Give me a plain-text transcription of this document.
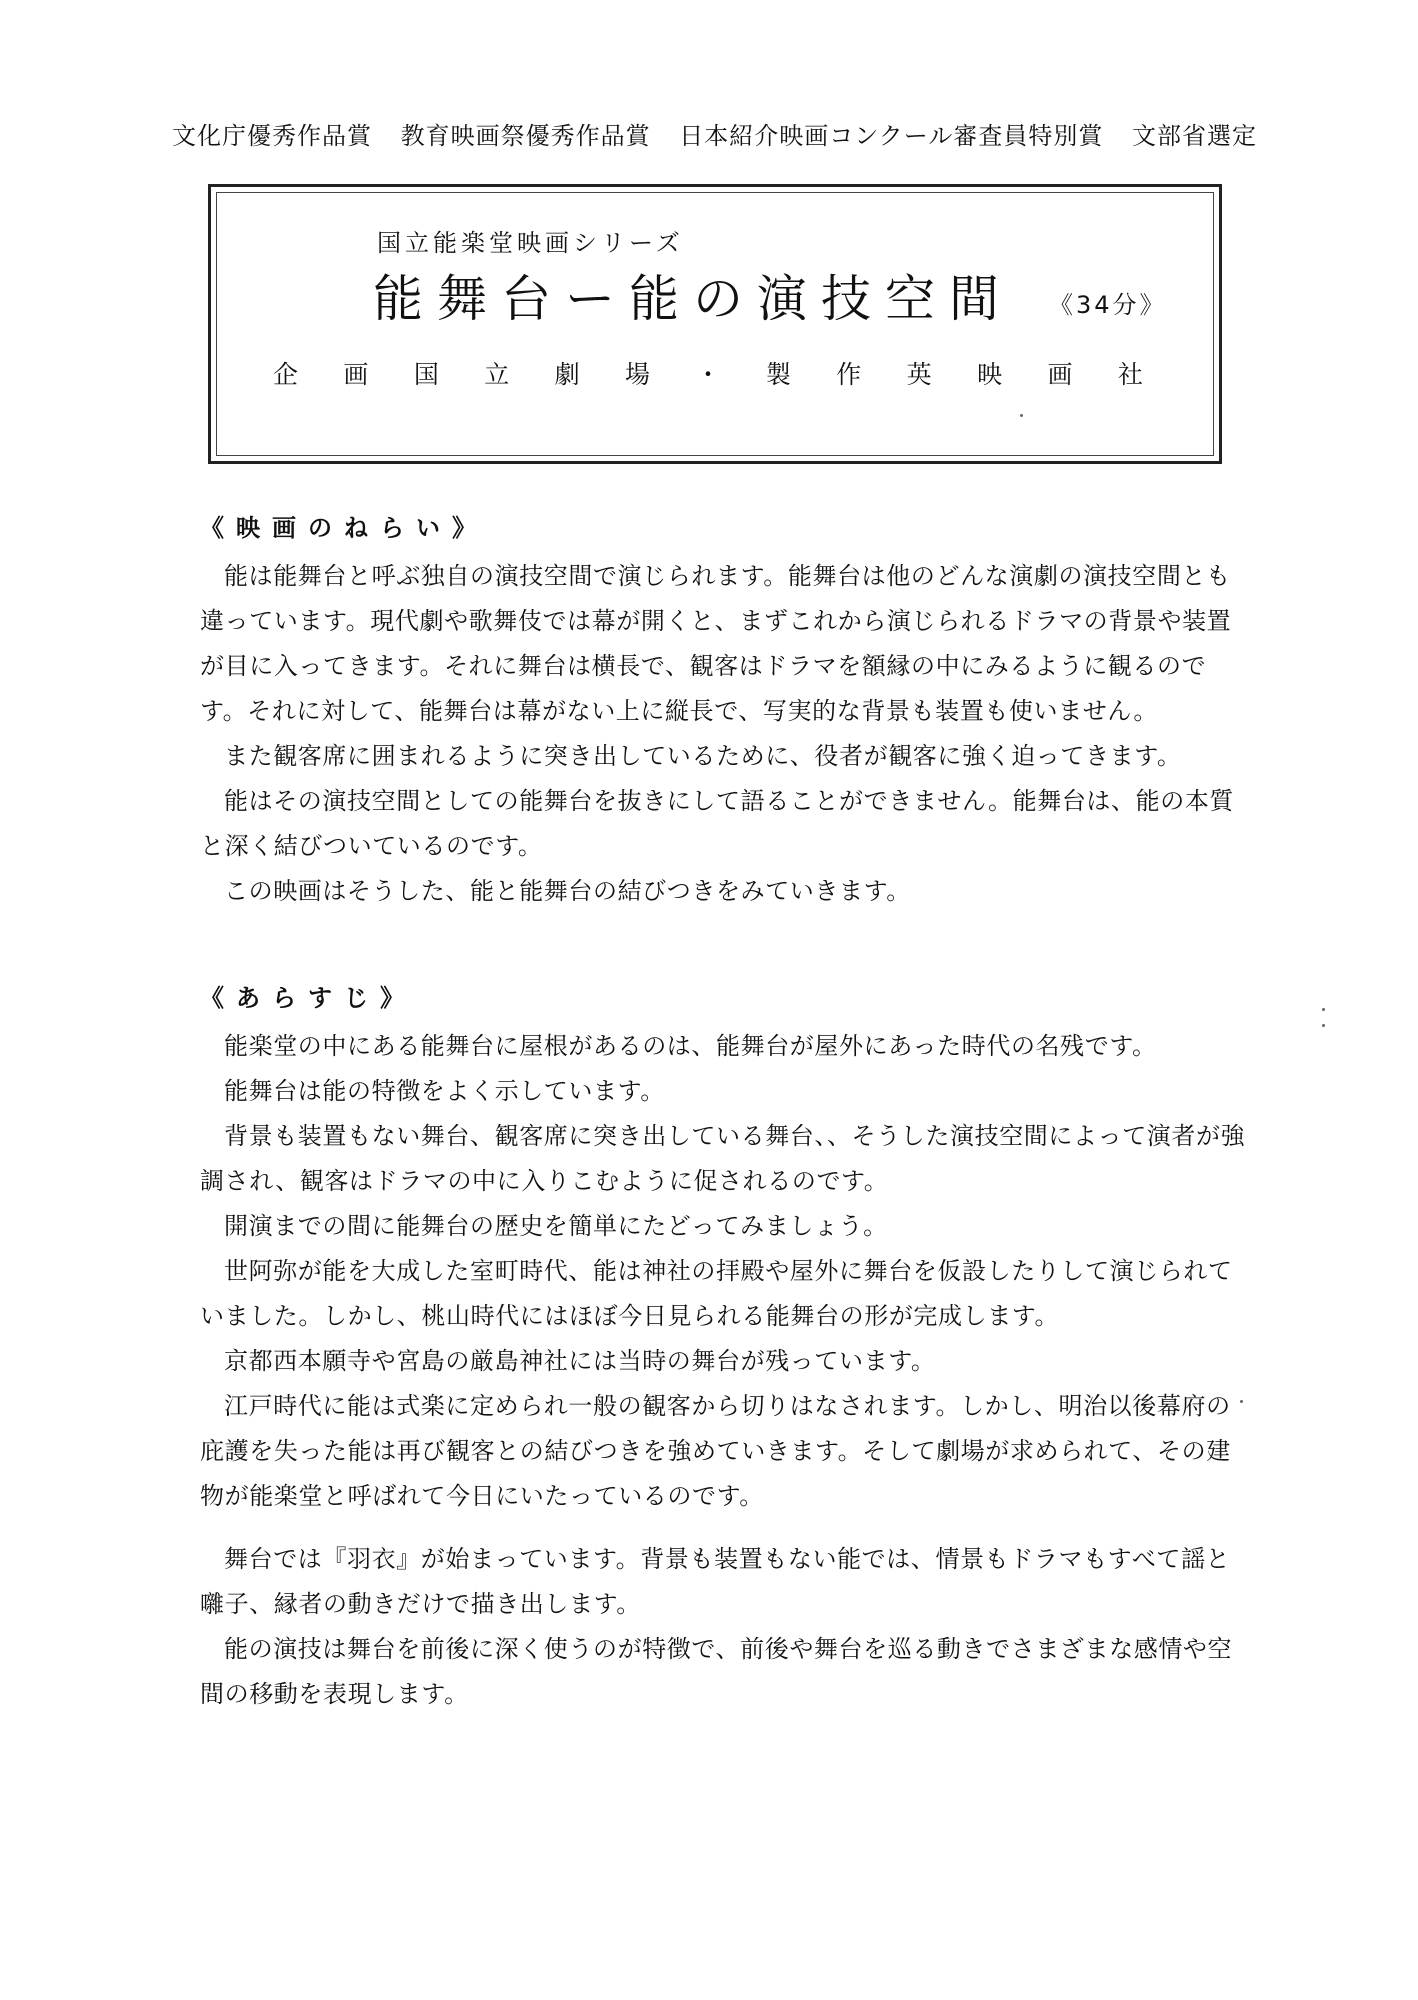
文化庁優秀作品賞 教育映画祭優秀作品賞 日本紹介映画コンクール審査員特別賞 文部省選定

国立能楽堂映画シリーズ

能舞台ー能の演技空間 《34分》

企 画 国 立 劇 場 ・ 製 作 英 映 画 社

《映画のねらい》

能は能舞台と呼ぶ独自の演技空間で演じられます。能舞台は他のどんな演劇の演技空間とも違っています。現代劇や歌舞伎では幕が開くと、まずこれから演じられるドラマの背景や装置が目に入ってきます。それに舞台は横長で、観客はドラマを額縁の中にみるように観るのです。それに対して、能舞台は幕がない上に縦長で、写実的な背景も装置も使いません。

また観客席に囲まれるように突き出しているために、役者が観客に強く迫ってきます。

能はその演技空間としての能舞台を抜きにして語ることができません。能舞台は、能の本質と深く結びついているのです。

この映画はそうした、能と能舞台の結びつきをみていきます。

《あらすじ》

能楽堂の中にある能舞台に屋根があるのは、能舞台が屋外にあった時代の名残です。

能舞台は能の特徴をよく示しています。

背景も装置もない舞台、観客席に突き出している舞台、、そうした演技空間によって演者が強調され、観客はドラマの中に入りこむように促されるのです。

開演までの間に能舞台の歴史を簡単にたどってみましょう。

世阿弥が能を大成した室町時代、能は神社の拝殿や屋外に舞台を仮設したりして演じられていました。しかし、桃山時代にはほぼ今日見られる能舞台の形が完成します。

京都西本願寺や宮島の厳島神社には当時の舞台が残っています。

江戸時代に能は式楽に定められ一般の観客から切りはなされます。しかし、明治以後幕府の庇護を失った能は再び観客との結びつきを強めていきます。そして劇場が求められて、その建物が能楽堂と呼ばれて今日にいたっているのです。

舞台では『羽衣』が始まっています。背景も装置もない能では、情景もドラマもすべて謡と囃子、縁者の動きだけで描き出します。

能の演技は舞台を前後に深く使うのが特徴で、前後や舞台を巡る動きでさまざまな感情や空間の移動を表現します。
